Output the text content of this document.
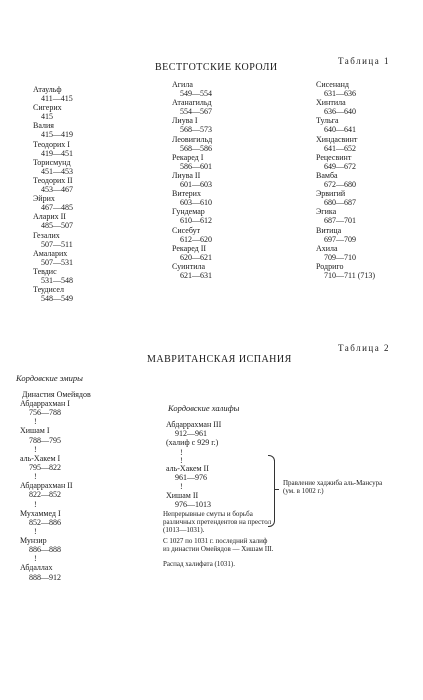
Таблица 1
ВЕСТГОТСКИЕ КОРОЛИ
Атаульф
411—415
Сигерих
415
Валия
415—419
Теодорих I
419—451
Торисмунд
451—453
Теодорих II
453—467
Эйрих
467—485
Аларих II
485—507
Гезалих
507—511
Амаларих
507—531
Тевдис
531—548
Теудисел
548—549
Агила
549—554
Атанагильд
554—567
Лиува I
568—573
Леовигильд
568—586
Рекаред I
586—601
Лиува II
601—603
Витерих
603—610
Гундемар
610—612
Сисебут
612—620
Рекаред II
620—621
Суинтила
621—631
Сисенанд
631—636
Хинтила
636—640
Тульга
640—641
Хиндасвинт
641—652
Рецесвинт
649—672
Вамба
672—680
Эрвигий
680—687
Эгика
687—701
Витица
697—709
Ахила
709—710
Родриго
710—711 (713)
Таблица 2
МАВРИТАНСКАЯ ИСПАНИЯ
Кордовские эмиры
Династия Омейядов
Абдаррахман I
756—788
!
Хишам I
788—795
!
аль-Хакем I
795—822
!
Абдаррахман II
822—852
!
Мухаммед I
852—886
!
Мунзир
886—888
!
Абдаллах
888—912
Кордовские халифы
Абдаррахман III
912—961
(халиф с 929 г.)
!
!
аль-Хакем II
961—976
!
Хишам II
976—1013
Непрерывные смуты и борьба различных претендентов на престол (1013—1031).
С 1027 по 1031 г. последний халиф из династии Омейядов — Хишам III.
Распад халифата (1031).
Правление хаджиба аль-Мансура (ум. в 1002 г.)
